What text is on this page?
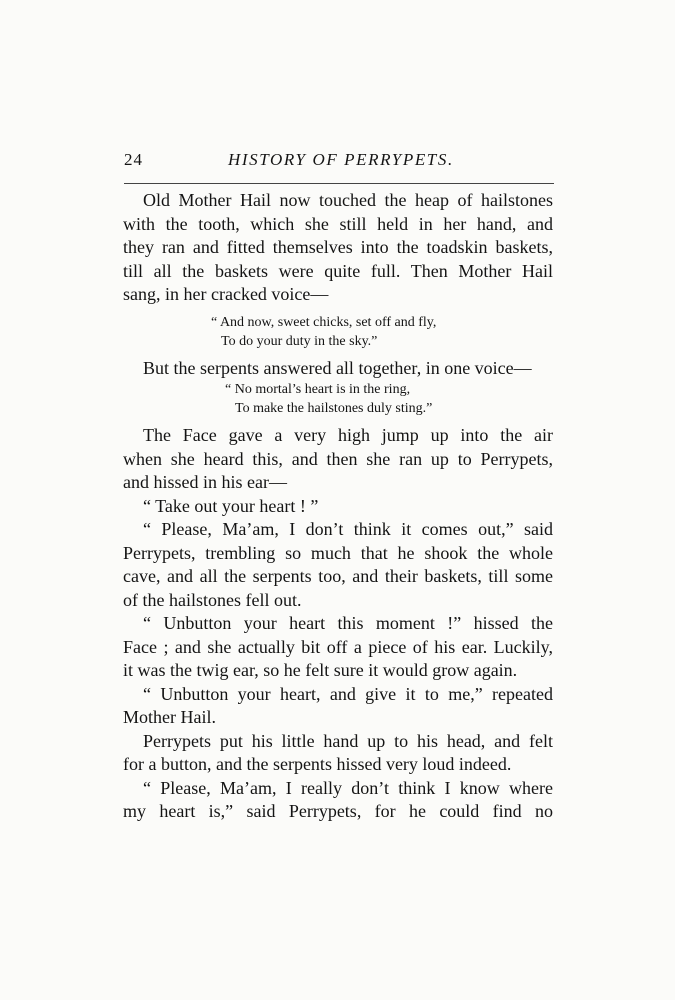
24	HISTORY OF PERRYPETS.
Old Mother Hail now touched the heap of hailstones
with the tooth, which she still held in her hand, and
they ran and fitted themselves into the toadskin baskets,
till all the baskets were quite full. Then Mother Hail
sang, in her cracked voice—
“ And now, sweet chicks, set off and fly,
To do your duty in the sky.”
But the serpents answered all together, in one voice—
“ No mortal’s heart is in the ring,
To make the hailstones duly sting.”
The Face gave a very high jump up into the air
when she heard this, and then she ran up to Perrypets,
and hissed in his ear—
“ Take out your heart ! ”
“ Please, Ma’am, I don’t think it comes out,” said
Perrypets, trembling so much that he shook the whole
cave, and all the serpents too, and their baskets, till some
of the hailstones fell out.
“ Unbutton your heart this moment !” hissed the
Face ; and she actually bit off a piece of his ear. Luckily,
it was the twig ear, so he felt sure it would grow again.
“ Unbutton your heart, and give it to me,” repeated
Mother Hail.
Perrypets put his little hand up to his head, and felt
for a button, and the serpents hissed very loud indeed.
“ Please, Ma’am, I really don’t think I know where
my heart is,” said Perrypets, for he could find no
